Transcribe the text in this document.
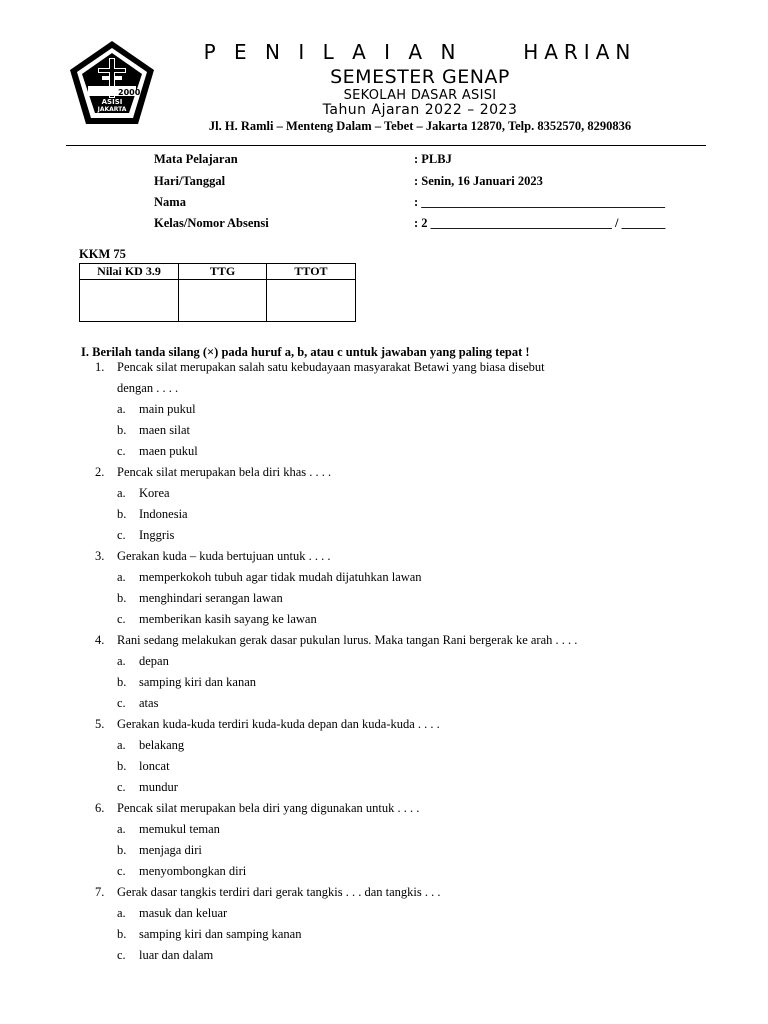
2000
ASISI
JAKARTA
P E N I L A I A N     HARIAN
SEMESTER GENAP
SEKOLAH DASAR ASISI
Tahun Ajaran 2022 – 2023
Jl. H. Ramli – Menteng Dalam – Tebet – Jakarta 12870, Telp. 8352570, 8290836
Mata Pelajaran	: PLBJ
Hari/Tanggal	: Senin, 16 Januari 2023
Nama	: _______________________________________
Kelas/Nomor Absensi	: 2 _____________________________ / _______
KKM 75
Nilai KD 3.9	TTG	TTOT

I. Berilah tanda silang (×) pada huruf a, b, atau c untuk jawaban yang paling tepat !
1. Pencak silat merupakan salah satu kebudayaan masyarakat Betawi yang biasa disebut
dengan . . . .
a. main pukul
b. maen silat
c. maen pukul
2. Pencak silat merupakan bela diri khas . . . .
a. Korea
b. Indonesia
c. Inggris
3. Gerakan kuda – kuda bertujuan untuk . . . .
a. memperkokoh tubuh agar tidak mudah dijatuhkan lawan
b. menghindari serangan lawan
c. memberikan kasih sayang ke lawan
4. Rani sedang melakukan gerak dasar pukulan lurus. Maka tangan Rani bergerak ke arah . . . .
a. depan
b. samping kiri dan kanan
c. atas
5. Gerakan kuda-kuda terdiri kuda-kuda depan dan kuda-kuda . . . .
a. belakang
b. loncat
c. mundur
6. Pencak silat merupakan bela diri yang digunakan untuk . . . .
a. memukul teman
b. menjaga diri
c. menyombongkan diri
7. Gerak dasar tangkis terdiri dari gerak tangkis . . . dan tangkis . . .
a. masuk dan keluar
b. samping kiri dan samping kanan
c. luar dan dalam
